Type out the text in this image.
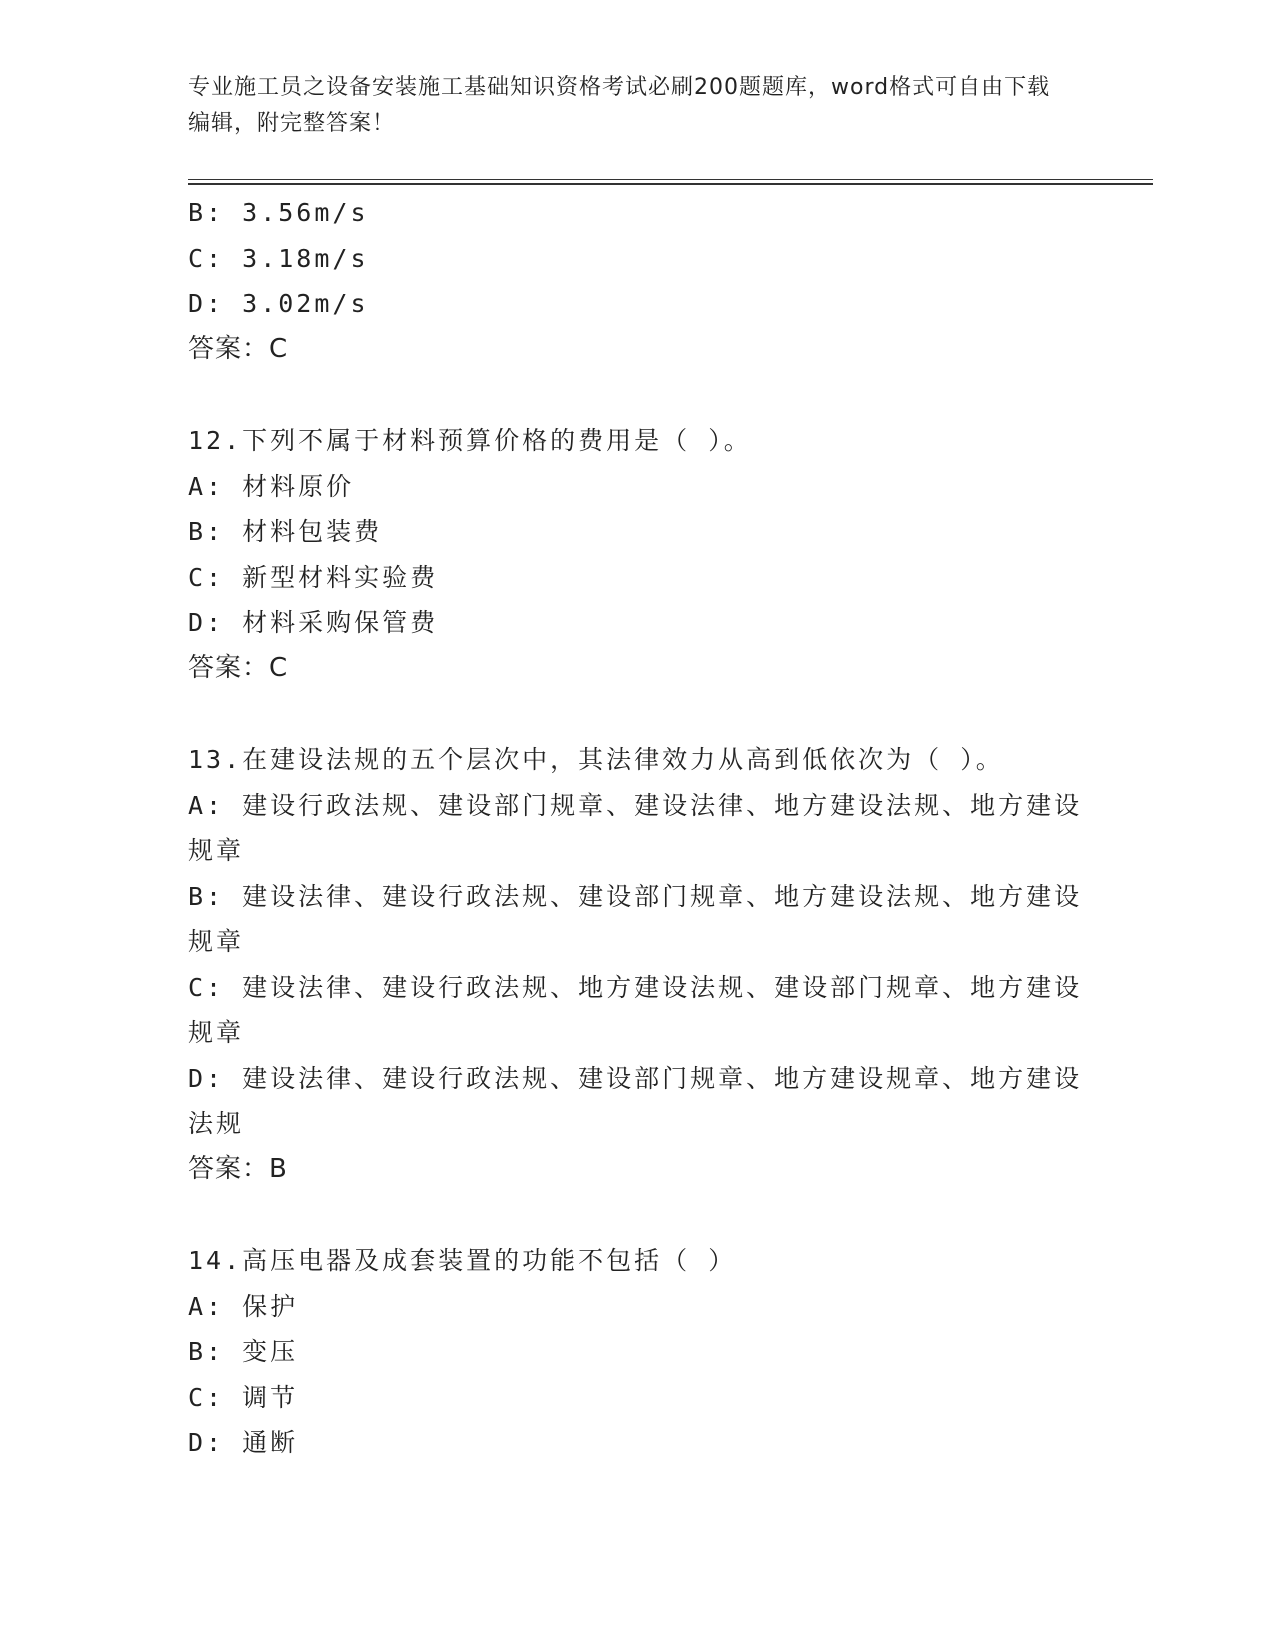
专业施工员之设备安装施工基础知识资格考试必刷200题题库，word格式可自由下载编辑，附完整答案！
B: 3.56m/s
C: 3.18m/s
D: 3.02m/s
答案：C
12.下列不属于材料预算价格的费用是（ ）。
A: 材料原价
B: 材料包装费
C: 新型材料实验费
D: 材料采购保管费
答案：C
13.在建设法规的五个层次中，其法律效力从高到低依次为（ ）。
A: 建设行政法规、建设部门规章、建设法律、地方建设法规、地方建设规章
B: 建设法律、建设行政法规、建设部门规章、地方建设法规、地方建设规章
C: 建设法律、建设行政法规、地方建设法规、建设部门规章、地方建设规章
D: 建设法律、建设行政法规、建设部门规章、地方建设规章、地方建设法规
答案：B
14.高压电器及成套装置的功能不包括（ ）
A: 保护
B: 变压
C: 调节
D: 通断
